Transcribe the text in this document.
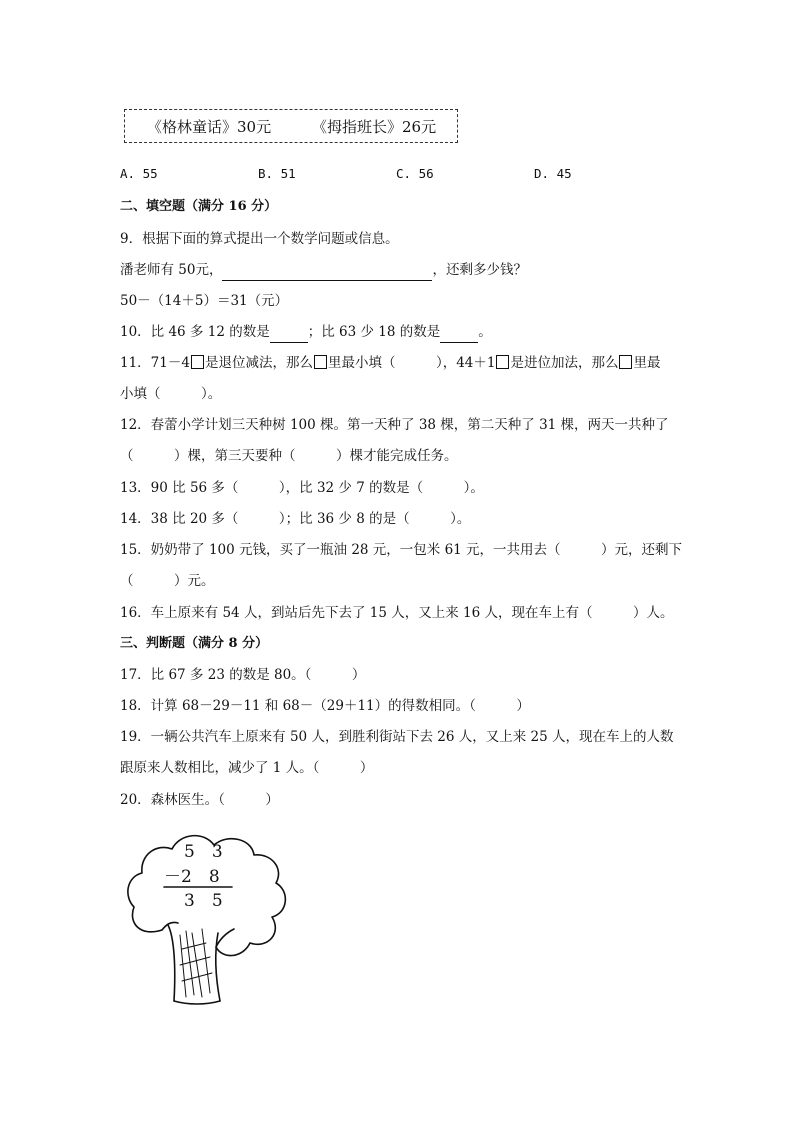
《格林童话》30元	《拇指班长》26元
A. 55	B. 51	C. 56	D. 45
二、填空题（满分 16 分）
9．根据下面的算式提出一个数学问题或信息。
潘老师有 50元，	，还剩多少钱？
50－（14＋5）＝31（元）
10．比 46 多 12 的数是	；比 63 少 18 的数是	。
11．71－4 是退位减法，那么 里最小填（　　　），44＋1 是进位加法，那么 里最
小填（　　　）。
12．春蕾小学计划三天种树 100 棵。第一天种了 38 棵，第二天种了 31 棵，两天一共种了
（　　　）棵，第三天要种（　　　）棵才能完成任务。
13．90 比 56 多（　　　），比 32 少 7 的数是（　　　）。
14．38 比 20 多（　　　）；比 36 少 8 的是（　　　）。
15．奶奶带了 100 元钱，买了一瓶油 28 元，一包米 61 元，一共用去（　　　）元，还剩下
（　　　）元。
16．车上原来有 54 人，到站后先下去了 15 人，又上来 16 人，现在车上有（　　　）人。
三、判断题（满分 8 分）
17．比 67 多 23 的数是 80。（　　　）
18．计算 68－29－11 和 68－（29＋11）的得数相同。（　　　）
19．一辆公共汽车上原来有 50 人，到胜利街站下去 26 人，又上来 25 人，现在车上的人数
跟原来人数相比，减少了 1 人。（　　　）
20．森林医生。（　　　）
5　3
－2　8
3　5
